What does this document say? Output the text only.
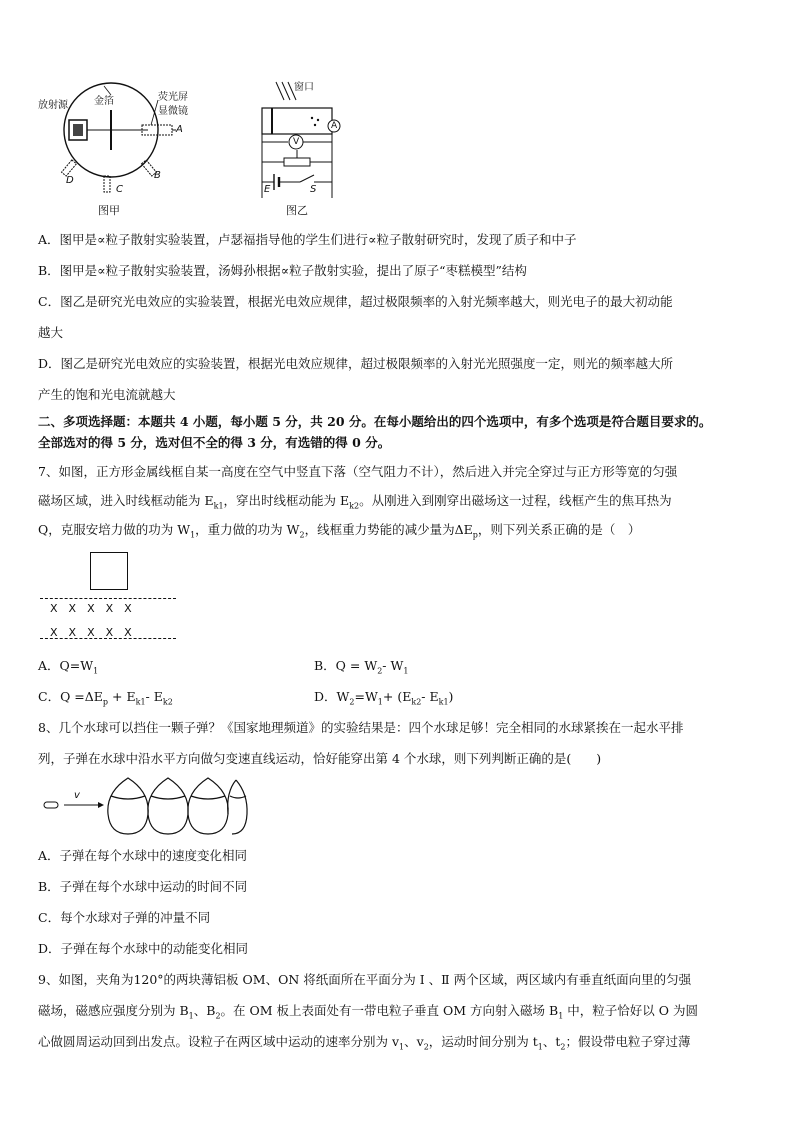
放射源	金箔	荧光屏
显微镜
A
D
C
B
图甲
窗口
A
V
E	S
图乙
A．图甲是∝粒子散射实验装置，卢瑟福指导他的学生们进行∝粒子散射研究时，发现了质子和中子
B．图甲是∝粒子散射实验装置，汤姆孙根据∝粒子散射实验，提出了原子“枣糕模型”结构
C．图乙是研究光电效应的实验装置，根据光电效应规律，超过极限频率的入射光频率越大，则光电子的最大初动能
越大
D．图乙是研究光电效应的实验装置，根据光电效应规律，超过极限频率的入射光光照强度一定，则光的频率越大所
产生的饱和光电流就越大
二、多项选择题：本题共 4 小题，每小题 5 分，共 20 分。在每小题给出的四个选项中，有多个选项是符合题目要求的。
全部选对的得 5 分，选对但不全的得 3 分，有选错的得 0 分。
7、如图，正方形金属线框自某一高度在空气中竖直下落（空气阻力不计），然后进入并完全穿过与正方形等宽的匀强
磁场区域，进入时线框动能为 $E_{k1}$，穿出时线框动能为 $E_{k2}$。从刚进入到刚穿出磁场这一过程，线框产生的焦耳热为
Q，克服安培力做的功为 $W_1$，重力做的功为 $W_2$，线框重力势能的减少量为$\Delta E_p$，则下列关系正确的是（　）
X　X　X　X　X
X　X　X　X　X
A．$Q=W_1$	B．$Q = W_2-$ $W_1$
C．$Q =\Delta E_p + E_{k1}-$ $E_{k2}$	D．$W_2=W_1+ (E_{k2}-$ $E_{k1}$)
8、几个水球可以挡住一颗子弹？《国家地理频道》的实验结果是：四个水球足够！完全相同的水球紧挨在一起水平排
列，子弹在水球中沿水平方向做匀变速直线运动，恰好能穿出第 4 个水球，则下列判断正确的是(　　)
v
A．子弹在每个水球中的速度变化相同
B．子弹在每个水球中运动的时间不同
C．每个水球对子弹的冲量不同
D．子弹在每个水球中的动能变化相同
9、如图，夹角为120°的两块薄铝板 OM、ON 将纸面所在平面分为 Ⅰ 、Ⅱ 两个区域，两区域内有垂直纸面向里的匀强
磁场，磁感应强度分别为 $B_1$、$B_2$。在 OM 板上表面处有一带电粒子垂直 OM 方向射入磁场 $B_1$ 中，粒子恰好以 O 为圆
心做圆周运动回到出发点。设粒子在两区域中运动的速率分别为 $v_1$、$v_2$，运动时间分别为 $t_1$、$t_2$；假设带电粒子穿过薄
